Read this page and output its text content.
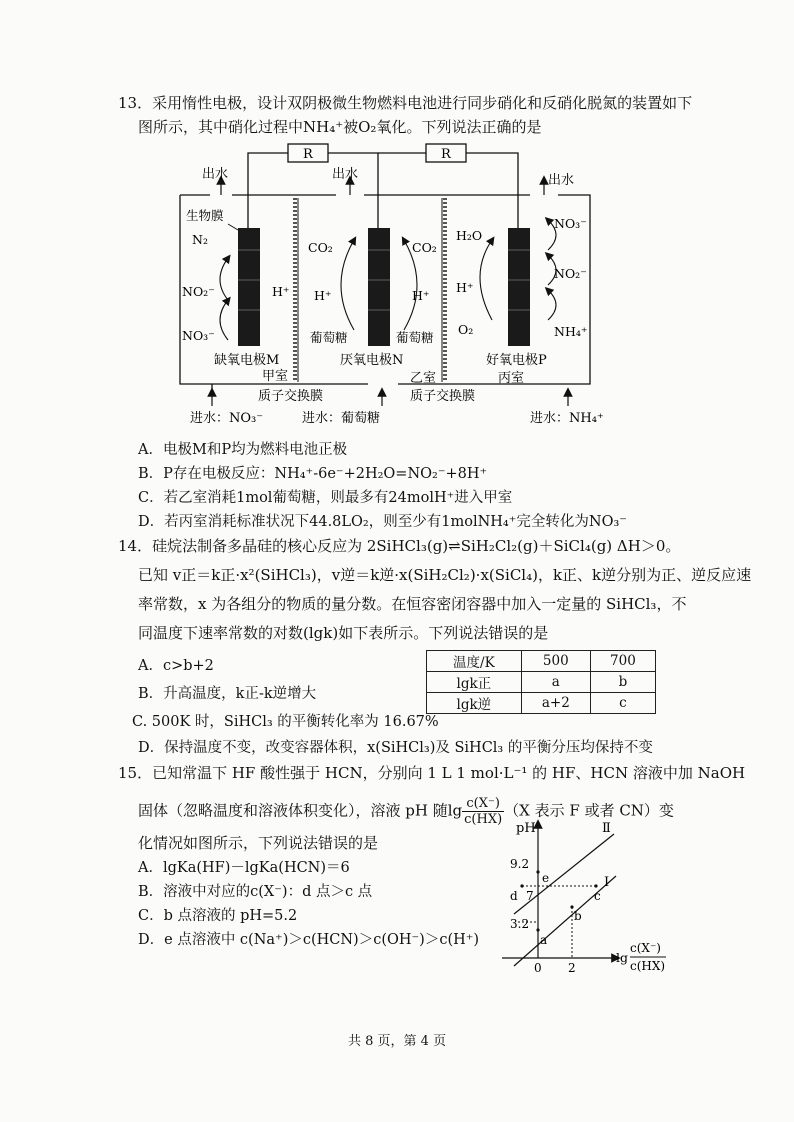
13．采用惰性电极，设计双阴极微生物燃料电池进行同步硝化和反硝化脱氮的装置如下
图所示，其中硝化过程中NH₄⁺被O₂氧化。下列说法正确的是
R	R
出水	出水	出水
生物膜
N₂
NO₂⁻
NO₃⁻
H⁺
CO₂
H⁺
葡萄糖
CO₂
H⁺
葡萄糖
H₂O
H⁺
O₂
NO₃⁻
NO₂⁻
NH₄⁺
缺氧电极M	厌氧电极N	好氧电极P
甲室	乙室	丙室
质子交换膜	质子交换膜
进水：NO₃⁻	进水：葡萄糖	进水：NH₄⁺
A．电极M和P均为燃料电池正极
B．P存在电极反应：NH₄⁺-6e⁻+2H₂O=NO₂⁻+8H⁺
C．若乙室消耗1mol葡萄糖，则最多有24molH⁺进入甲室
D．若丙室消耗标准状况下44.8LO₂，则至少有1molNH₄⁺完全转化为NO₃⁻
14．硅烷法制备多晶硅的核心反应为 2SiHCl₃(g)⇌SiH₂Cl₂(g)＋SiCl₄(g) ΔH＞0。
已知 v正＝k正·x²(SiHCl₃)，v逆＝k逆·x(SiH₂Cl₂)·x(SiCl₄)，k正、k逆分别为正、逆反应速
率常数，x 为各组分的物质的量分数。在恒容密闭容器中加入一定量的 SiHCl₃，不
同温度下速率常数的对数(lgk)如下表所示。下列说法错误的是
温度/K	500	700
lgk正	a	b
lgk逆	a+2	c
A．c>b+2
B．升高温度，k正-k逆增大
C. 500K 时，SiHCl₃ 的平衡转化率为 16.67%
D．保持温度不变，改变容器体积，x(SiHCl₃)及 SiHCl₃ 的平衡分压均保持不变
15．已知常温下 HF 酸性强于 HCN，分别向 1 L 1 mol·L⁻¹ 的 HF、HCN 溶液中加 NaOH
固体（忽略温度和溶液体积变化），溶液 pH 随$\lg \frac{c(X^-)}{c(HX)} (X$ 表示 F 或者 CN）变
化情况如图所示，下列说法错误的是
A．lgKa(HF)－lgKa(HCN)＝6
B．溶液中对应的c(X⁻)：d 点＞c 点
C．b 点溶液的 pH=5.2
D．e 点溶液中 c(Na⁺)＞c(HCN)＞c(OH⁻)＞c(H⁺)
pH	Ⅱ
Ⅰ
9.2
7
3.2
e
d	c
b
a
0 2
lg
c(X⁻)
c(HX)
共 8 页，第 4 页
